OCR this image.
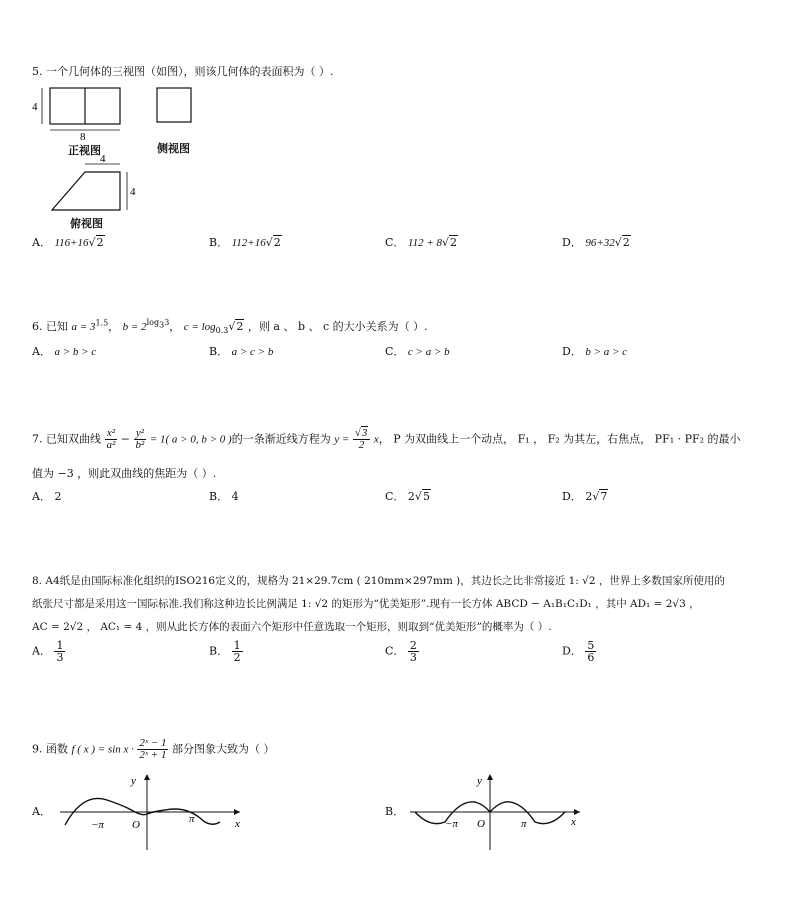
5. 一个几何体的三视图（如图），则该几何体的表面积为（ ）.
4
8
4
4
正视图	侧视图
俯视图
A． 116+16√2	B． 112+16√2	C． 112 + 8√2	D． 96+32√2
6. 已知 $a = 3^{1.5}$， $b = 2^{log_33}$， $c = \log_{0.3}√2$ ，则 a 、 b 、 c 的大小关系为（ ）.
A． a > b > c	B． a > c > b	C． c > a > b	D． b > a > c
7. 已知双曲线 $\frac{\text{x²}}{\text{a²}} - \frac{\text{y²}}{\text{b²}} = 1$( a > 0, b > 0 )的一条渐近线方程为 $y = \frac{√3}{2}$ x， P 为双曲线上一个动点， F₁ ， F₂ 为其左，右焦点， PF₁ · PF₂ 的最小
值为 −3 ，则此双曲线的焦距为（ ）.
A． 2	B． 4	C． 2√5	D． 2√7
8. A4纸是由国际标准化组织的ISO216定义的，规格为 21×29.7cm ( 210mm×297mm )，其边长之比非常接近 1: √2 ，世界上多数国家所使用的
纸张尺寸都是采用这一国际标准.我们称这种边长比例满足 1: √2 的矩形为“优美矩形”.现有一长方体 ABCD − A₁B₁C₁D₁ ，其中 AD₁ = 2√3 ，
AC = 2√2 ， AC₁ = 4 ，则从此长方体的表面六个矩形中任意选取一个矩形，则取到“优美矩形”的概率为（ ）.
A． $\frac{1}{3}$	B． $\frac{1}{2}$	C． $\frac{2}{3}$	D． $\frac{5}{6}$
9. 函数 f ( x ) = $\sin x \cdot \frac{\text{2ˣ − 1}}{\text{2ˣ + 1}}$ 部分图象大致为（ ）
A．
y
x
O
−π	π
B．
y
x
O
−π	π
